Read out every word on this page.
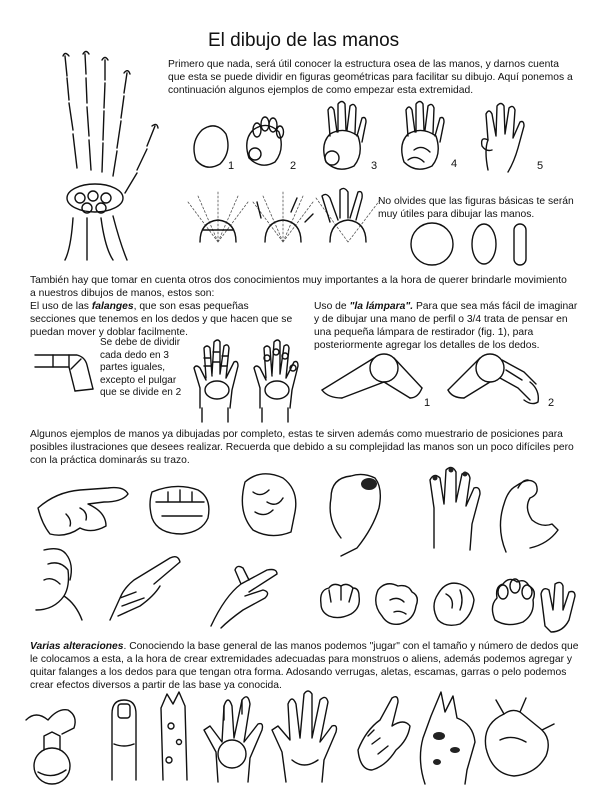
El dibujo de las manos
Primero que nada, será útil conocer la estructura osea de las manos, y darnos cuenta que esta se puede dividir en figuras geométricas para facilitar su dibujo. Aquí ponemos a continuación algunos ejemplos de como empezar esta extremidad.
1	2	3	4	5
No olvides que las figuras básicas te serán muy útiles para dibujar las manos.
También hay que tomar en cuenta otros dos conocimientos muy importantes a la hora de querer brindarle movimiento a nuestros dibujos de manos, estos son:
El uso de las falanges, que son esas pequeñas secciones que tenemos en los dedos y que hacen que se puedan mover y doblar facilmente.
Se debe de dividir cada dedo en 3 partes iguales, excepto el pulgar que se divide en 2
Uso de "la lámpara". Para que sea más fácil de imaginar y de dibujar una mano de perfil o 3/4 trata de pensar en una pequeña lámpara de restirador (fig. 1), para posteriormente agregar los detalles de los dedos.
1	2
Algunos ejemplos de manos ya dibujadas por completo, estas te sirven además como muestrario de posiciones para posibles ilustraciones que desees realizar. Recuerda que debido a su complejidad las manos son un poco difíciles pero con la práctica dominarás su trazo.
Varias alteraciones. Conociendo la base general de las manos podemos "jugar" con el tamaño y número de dedos que le colocamos a esta, a la hora de crear extremidades adecuadas para monstruos o aliens, además podemos agregar y quitar falanges a los dedos para que tengan otra forma. Adosando verrugas, aletas, escamas, garras o pelo podemos crear efectos diversos a partir de las base ya conocida.
